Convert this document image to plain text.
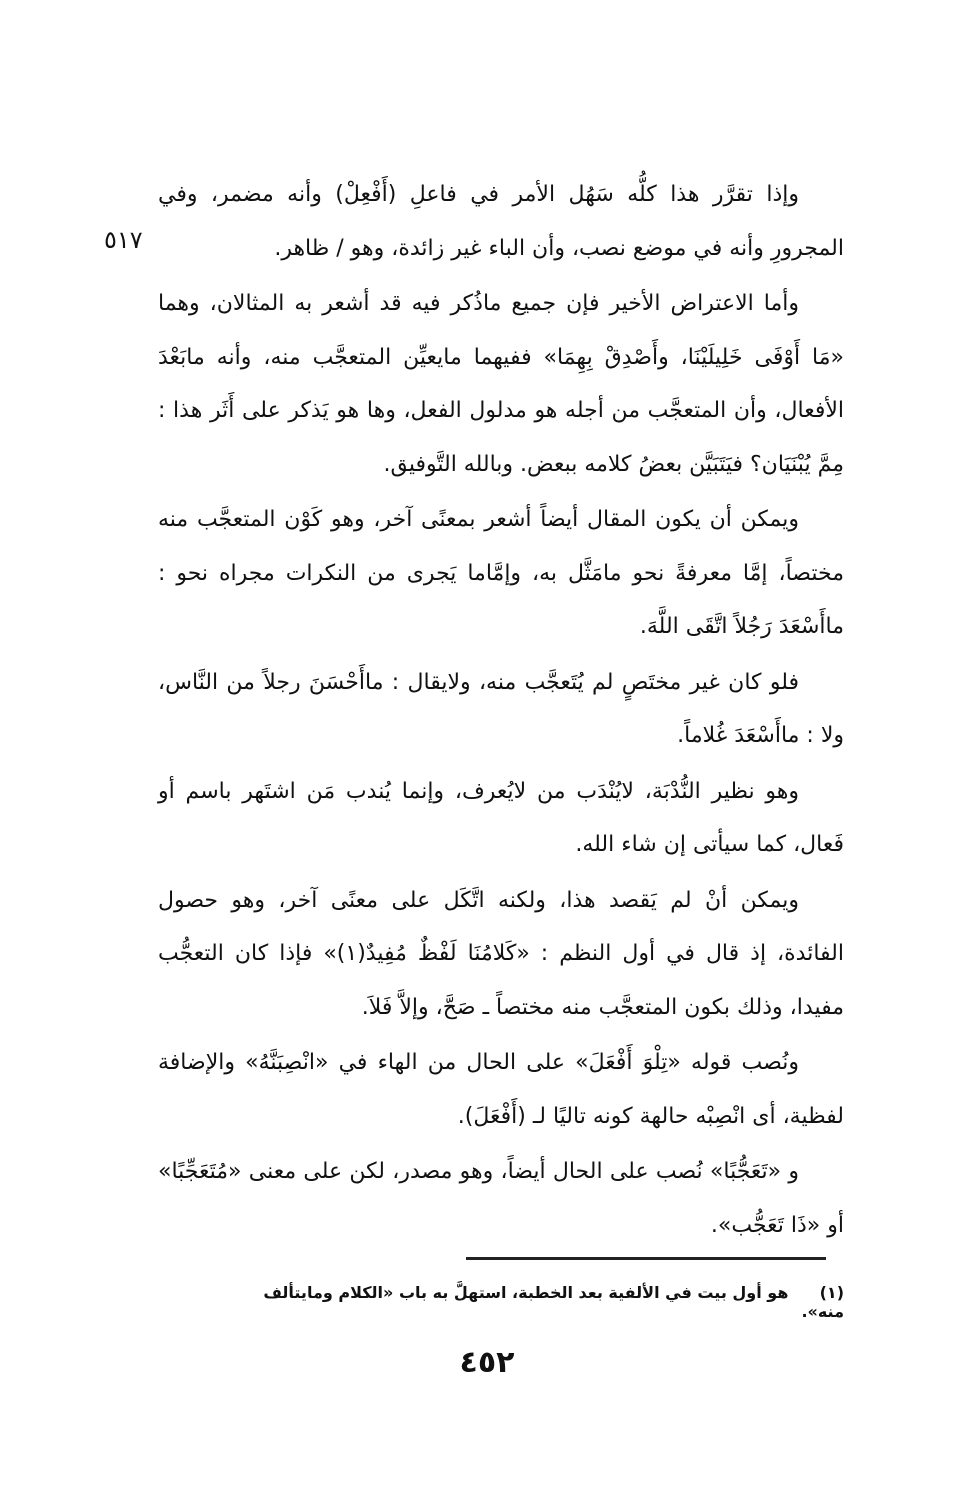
٥١٧

وإذا تقرَّر هذا كلُّه سَهُل الأمر في فاعلِ (أَفْعِلْ) وأنه مضمر، وفي المجرورِ وأنه في موضع نصب، وأن الباء غير زائدة، وهو / ظاهر.

وأما الاعتراض الأخير فإن جميع ماذُكر فيه قد أشعر به المثالان، وهما «مَا أَوْفَى خَلِيلَيْنَا، وأَصْدِقْ بِهِمَا» ففيهما مايعيِّن المتعجَّب منه، وأنه مابَعْدَ الأفعال، وأن المتعجَّب من أجله هو مدلول الفعل، وها هو يَذكر على أَثَر هذا : مِمَّ يُبْنَيَان؟ فيَتَبَيَّن بعضُ كلامه ببعض. وبالله التَّوفيق.

ويمكن أن يكون المقال أيضاً أشعر بمعنًى آخر، وهو كَوْن المتعجَّب منه مختصاً، إمَّا معرفةً نحو مامَثَّل به، وإمَّاما يَجرى من النكرات مجراه نحو : ماأَسْعَدَ رَجُلاً اتَّقَى اللَّهَ.

فلو كان غير مختَصٍ لم يُتَعجَّب منه، ولايقال : ماأَحْسَنَ رجلاً من النَّاس، ولا : ماأَسْعَدَ غُلاماً.

وهو نظير النُّدْبَة، لايُنْدَب من لايُعرف، وإنما يُندب مَن اشتَهر باسم أو فَعال، كما سيأتى إن شاء الله.

ويمكن أنْ لم يَقصد هذا، ولكنه اتَّكَل على معنًى آخر، وهو حصول الفائدة، إذ قال في أول النظم : «كَلامُنَا لَفْظٌ مُفِيدٌ(١)» فإذا كان التعجُّب مفيدا، وذلك بكون المتعجَّب منه مختصاً ـ صَحَّ، وإلاَّ فَلاَ.

ونُصب قوله «تِلْوَ أَفْعَلَ» على الحال من الهاء في «انْصِبَنَّهُ» والإضافة لفظية، أى انْصِبْه حالهة كونه تاليًا لـ (أَفْعَلَ).

و «تَعَجُّبًا» نُصب على الحال أيضاً، وهو مصدر، لكن على معنى «مُتَعَجِّبًا» أو «ذَا تَعَجُّب».

(١) هو أول بيت في الألفية بعد الخطبة، استهلَّ به باب «الكلام ومايتألف منه».
٤٥٢
